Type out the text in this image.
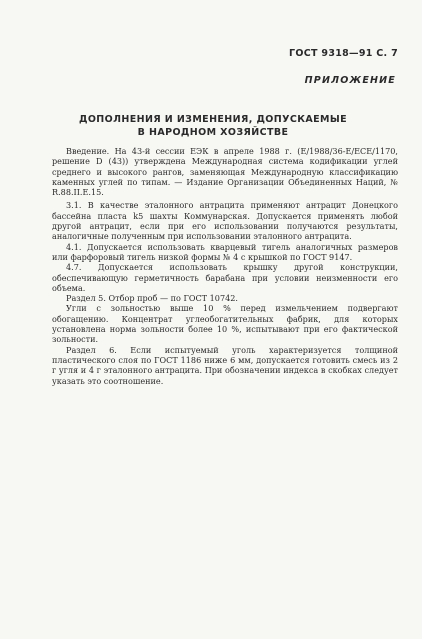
ГОСТ 9318—91 С. 7
ПРИЛОЖЕНИЕ
ДОПОЛНЕНИЯ И ИЗМЕНЕНИЯ, ДОПУСКАЕМЫЕ
В НАРОДНОМ ХОЗЯЙСТВЕ

Введение. На 43-й сессии ЕЭК в апреле 1988 г. (E/1988/36-E/ECE/1170, решение D (43)) утверждена Международная система кодификации углей среднего и высокого рангов, заменяющая Международную классификацию каменных углей по типам. — Издание Организации Объединенных Наций, № R.88.II.E.15.

3.1. В качестве эталонного антрацита применяют антрацит Донецкого бассейна пласта k5 шахты Коммунарская. Допускается применять любой другой антрацит, если при его использовании получаются результаты, аналогичные полученным при использовании эталонного антрацита.

4.1. Допускается использовать кварцевый тигель аналогичных размеров или фарфоровый тигель низкой формы № 4 с крышкой по ГОСТ 9147.

4.7. Допускается использовать крышку другой конструкции, обеспечивающую герметичность барабана при условии неизменности его объема.

Раздел 5. Отбор проб — по ГОСТ 10742.

Угли с зольностью выше 10 % перед измельчением подвергают обогащению. Концентрат углеобогатительных фабрик, для которых установлена норма зольности более 10 %, испытывают при его фактической зольности.

Раздел 6. Если испытуемый уголь характеризуется толщиной пластического слоя по ГОСТ 1186 ниже 6 мм, допускается готовить смесь из 2 г угля и 4 г эталонного антрацита. При обозначении индекса в скобках следует указать это соотношение.
